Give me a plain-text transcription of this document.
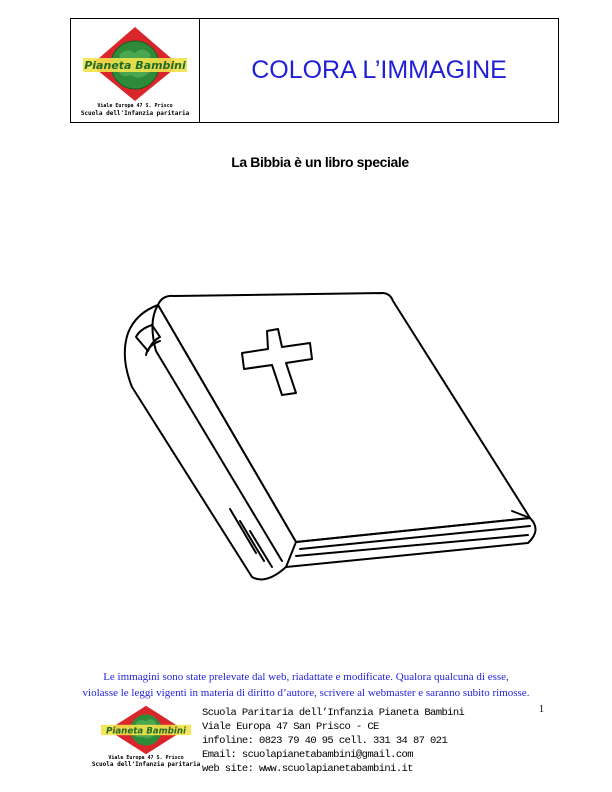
Pianeta Bambini
Viale Europa 47 S. Prisco
Scuola dell'Infanzia paritaria
COLORA L’IMMAGINE
La Bibbia è un libro speciale
Le immagini sono state prelevate dal web, riadattate e modificate. Qualora qualcuna di esse,
violasse le leggi vigenti in materia di diritto d’autore, scrivere al webmaster e saranno subito rimosse.
1
Pianeta Bambini
Viale Europa 47 S. Prisco
Scuola dell'Infanzia paritaria
Scuola Paritaria dell’Infanzia Pianeta Bambini
Viale Europa 47 San Prisco - CE
infoline: 0823 79 40 95 cell. 331 34 87 021
Email: scuolapianetabambini@gmail.com
web site: www.scuolapianetabambini.it
